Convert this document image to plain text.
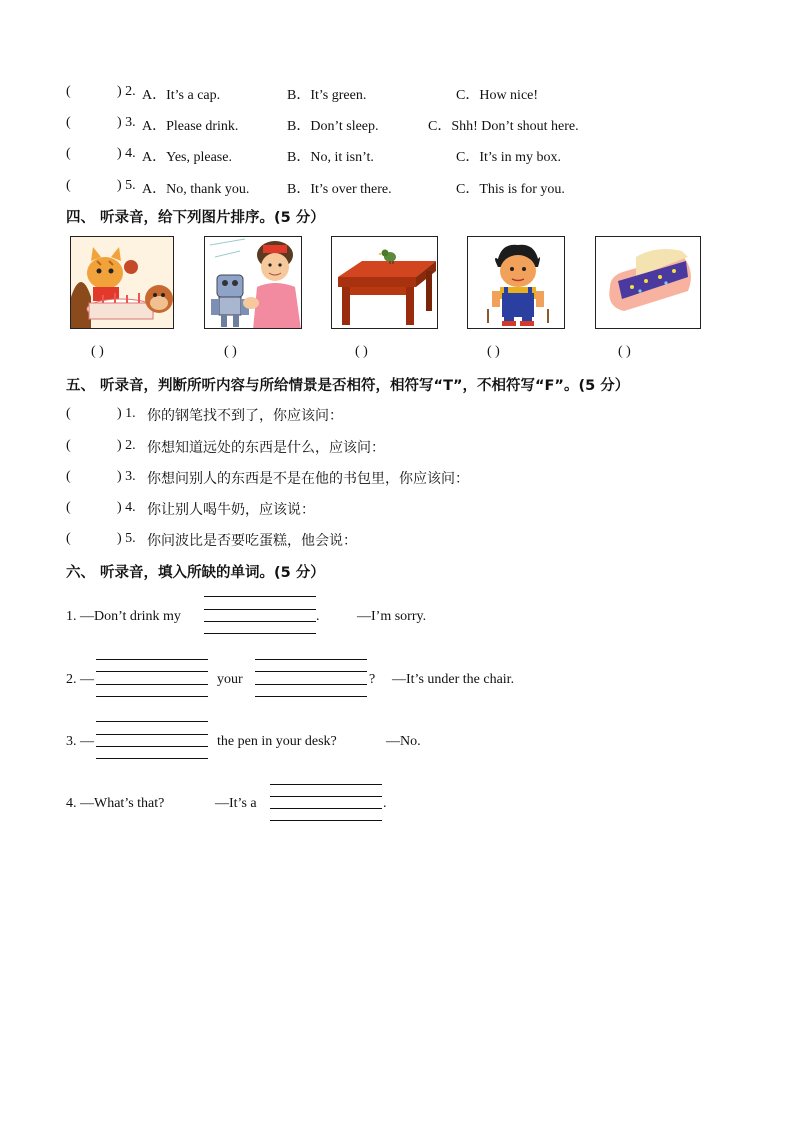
(	) 2. A．It’s a cap.	B．It’s green.	C．How nice!
(	) 3. A．Please drink.	B．Don’t sleep.	C．Shh! Don’t shout here.
(	) 4. A．Yes, please.	B．No, it isn’t.	C．It’s in my box.
(	) 5. A．No, thank you.	B．It’s over there.	C．This is for you.
四、 听录音，给下列图片排序。(5 分）
( )	( )	( )	( )	( )
五、 听录音，判断所听内容与所给情景是否相符，相符写“T”，不相符写“F”。(5 分）
(	) 1. 你的钢笔找不到了，你应该问：
(	) 2. 你想知道远处的东西是什么，应该问：
(	) 3. 你想问别人的东西是不是在他的书包里，你应该问：
(	) 4. 你让别人喝牛奶，应该说：
(	) 5. 你问波比是否要吃蛋糕，他会说：
六、 听录音，填入所缺的单词。(5 分）
1. —Don’t drink my	.	—I’m sorry.
2. —	your	? —It’s under the chair.
3. —	the pen in your desk?	—No.
4. —What’s that?	—It’s a	.
